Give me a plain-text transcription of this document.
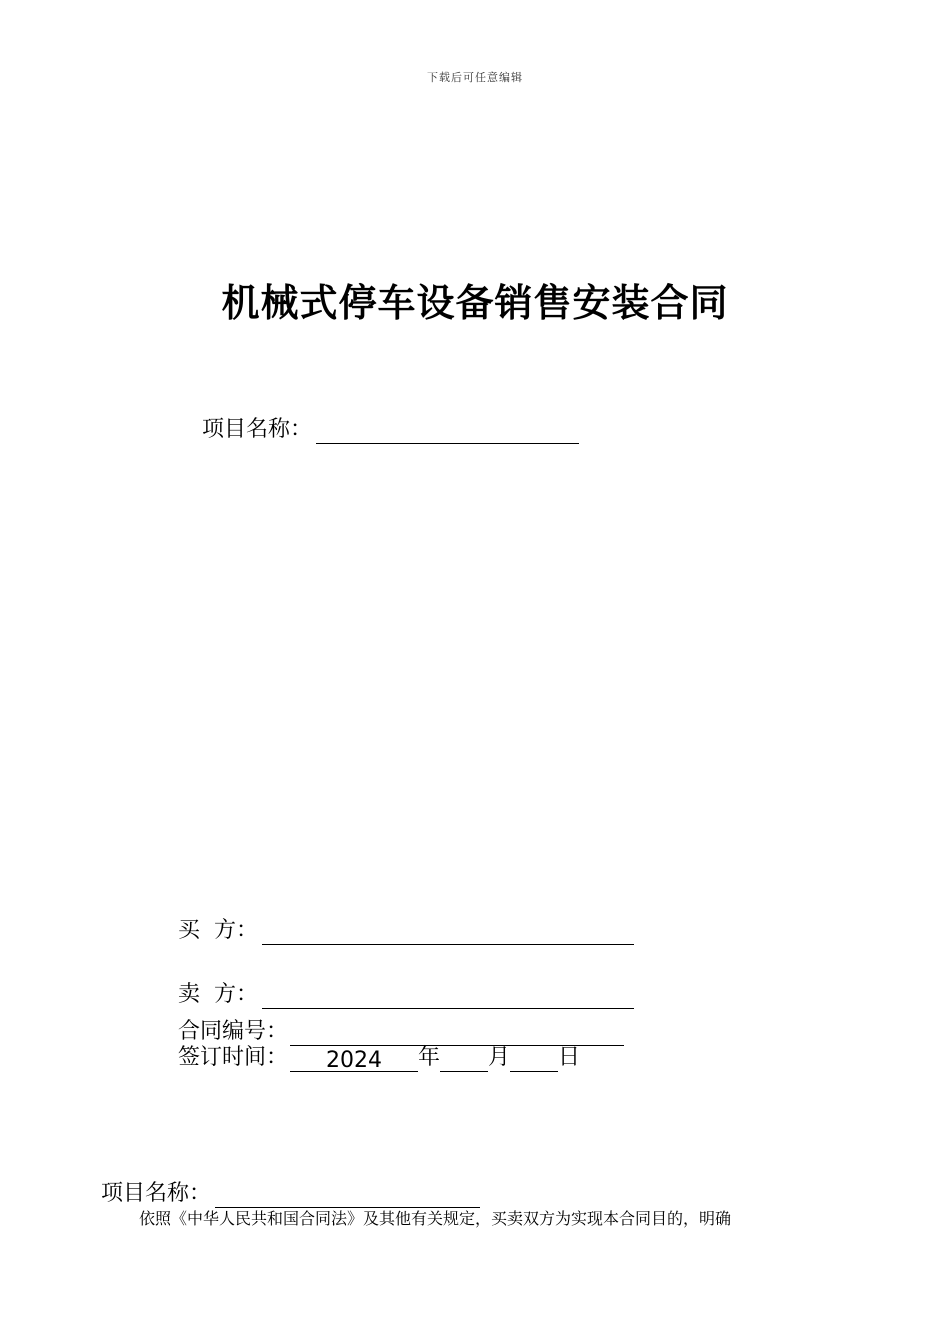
下载后可任意编辑
机械式停车设备销售安装合同
项目名称：
买  方：
卖  方：
合同编号：
签订时间：	2024	年 月 日
项目名称：
依照《中华人民共和国合同法》及其他有关规定，买卖双方为实现本合同目的，明确
